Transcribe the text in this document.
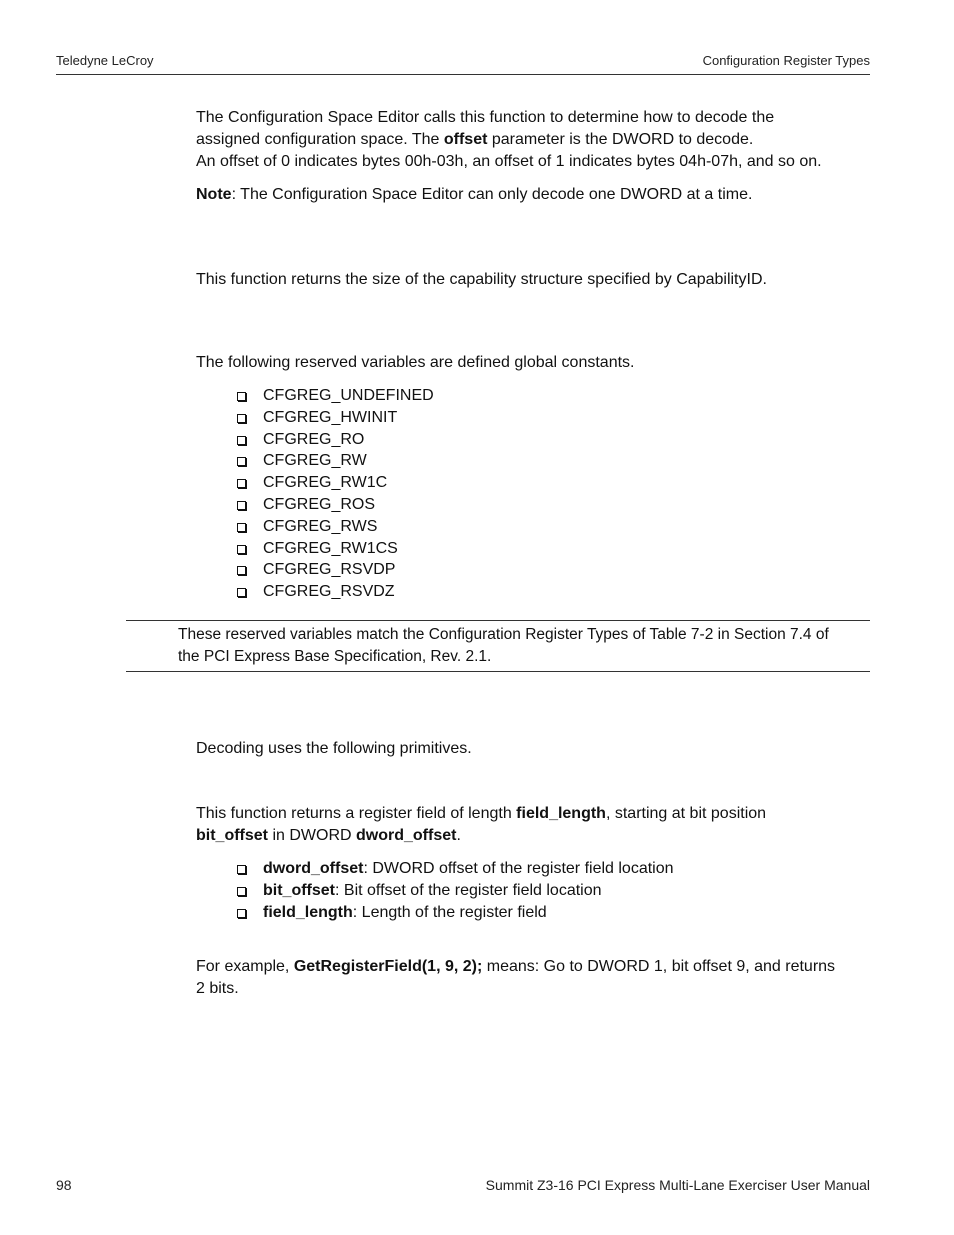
Teledyne LeCroy	Configuration Register Types

The Configuration Space Editor calls this function to determine how to decode the
assigned configuration space. The offset parameter is the DWORD to decode.
An offset of 0 indicates bytes 00h-03h, an offset of 1 indicates bytes 04h-07h, and so on.

Note: The Configuration Space Editor can only decode one DWORD at a time.

This function returns the size of the capability structure specified by CapabilityID.

The following reserved variables are defined global constants.

CFGREG_UNDEFINED
CFGREG_HWINIT
CFGREG_RO
CFGREG_RW
CFGREG_RW1C
CFGREG_ROS
CFGREG_RWS
CFGREG_RW1CS
CFGREG_RSVDP
CFGREG_RSVDZ

These reserved variables match the Configuration Register Types of Table 7-2 in Section 7.4 of
the PCI Express Base Specification, Rev. 2.1.

Decoding uses the following primitives.

This function returns a register field of length field_length, starting at bit position
bit_offset in DWORD dword_offset.

dword_offset: DWORD offset of the register field location
bit_offset: Bit offset of the register field location
field_length: Length of the register field

For example, GetRegisterField(1, 9, 2); means: Go to DWORD 1, bit offset 9, and returns
2 bits.

98	Summit Z3-16 PCI Express Multi-Lane Exerciser User Manual
